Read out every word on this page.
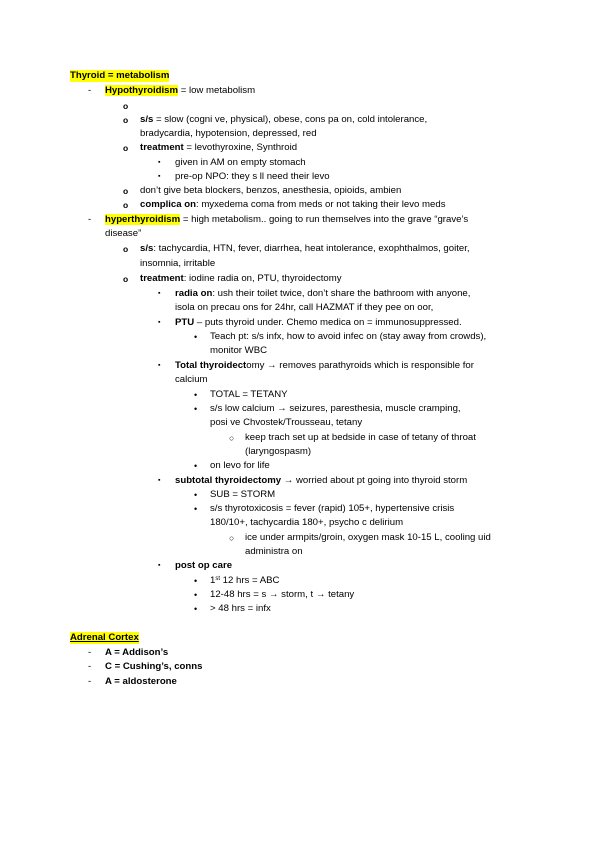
Thyroid = metabolism
- Hypothyroidism = low metabolism
o
o s/s = slow (cogni ve, physical), obese, cons pa on, cold intolerance,
bradycardia, hypotension, depressed, red
o treatment = levothyroxine, Synthroid
▪ given in AM on empty stomach
▪ pre-op NPO: they s ll need their levo
o don’t give beta blockers, benzos, anesthesia, opioids, ambien
o complica on: myxedema coma from meds or not taking their levo meds
- hyperthyroidism = high metabolism.. going to run themselves into the grave “grave’s
disease”
o s/s: tachycardia, HTN, fever, diarrhea, heat intolerance, exophthalmos, goiter,
insomnia, irritable
o treatment: iodine radia on, PTU, thyroidectomy
▪ radia on: ush their toilet twice, don’t share the bathroom with anyone,
isola on precau ons for 24hr, call HAZMAT if they pee on oor,
▪ PTU – puts thyroid under. Chemo medica on = immunosuppressed.
• Teach pt: s/s infx, how to avoid infec on (stay away from crowds),
monitor WBC
▪ Total thyroidectomy → removes parathyroids which is responsible for
calcium
• TOTAL = TETANY
• s/s low calcium → seizures, paresthesia, muscle cramping,
posi ve Chvostek/Trousseau, tetany
○ keep trach set up at bedside in case of tetany of throat
(laryngospasm)
• on levo for life
▪ subtotal thyroidectomy → worried about pt going into thyroid storm
• SUB = STORM
• s/s thyrotoxicosis = fever (rapid) 105+, hypertensive crisis
180/10+, tachycardia 180+, psycho c delirium
○ ice under armpits/groin, oxygen mask 10-15 L, cooling uid
administra on
▪ post op care
• 1st 12 hrs = ABC
• 12-48 hrs = s → storm, t → tetany
• > 48 hrs = infx
Adrenal Cortex
- A = Addison’s
- C = Cushing’s, conns
- A = aldosterone
